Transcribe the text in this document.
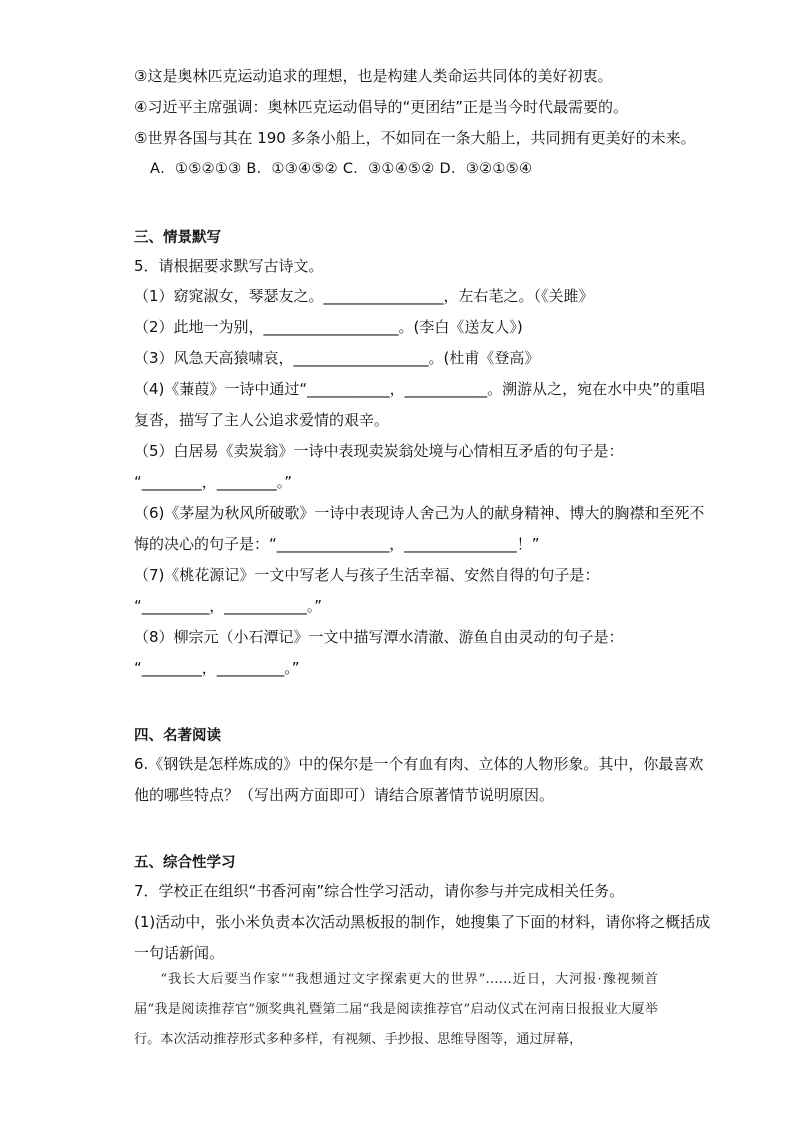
③这是奥林匹克运动追求的理想，也是构建人类命运共同体的美好初衷。
④习近平主席强调：奥林匹克运动倡导的“更团结”正是当今时代最需要的。
⑤世界各国与其在 190 多条小船上，不如同在一条大船上，共同拥有更美好的未来。
A．①⑤②①③ B．①③④⑤② C．③①④⑤② D．③②①⑤④
三、情景默写
5．请根据要求默写古诗文。
（1）窈窕淑女，琴瑟友之。________________，左右芼之。（《关雎》
（2）此地一为别，__________________。(李白《送友人》)
（3）风急天高猿啸哀，__________________。(杜甫《登高》
（4)《蒹葭》一诗中通过“___________，___________。溯游从之，宛在水中央”的重唱
复沓，描写了主人公追求爱情的艰辛。
（5）白居易《卖炭翁》一诗中表现卖炭翁处境与心情相互矛盾的句子是：
“________，________。”
（6)《茅屋为秋风所破歌》一诗中表现诗人舍己为人的献身精神、博大的胸襟和至死不
悔的决心的句子是：“_______________，_______________！”
（7)《桃花源记》一文中写老人与孩子生活幸福、安然自得的句子是：
“_________，___________。”
（8）柳宗元（小石潭记》一文中描写潭水清澈、游鱼自由灵动的句子是：
“________，_________。”
四、名著阅读
6.《钢铁是怎样炼成的》中的保尔是一个有血有肉、立体的人物形象。其中，你最喜欢
他的哪些特点？（写出两方面即可）请结合原著情节说明原因。
五、综合性学习
7．学校正在组织“书香河南”综合性学习活动，请你参与并完成相关任务。
(1)活动中，张小米负责本次活动黑板报的制作，她搜集了下面的材料，请你将之概括成
一句话新闻。
“我长大后要当作家”“我想通过文字探索更大的世界”……近日，大河报·豫视频首届“我是阅读推荐官”颁奖典礼暨第二届“我是阅读推荐官”启动仪式在河南日报报业大厦举行。本次活动推荐形式多种多样，有视频、手抄报、思维导图等，通过屏幕，
